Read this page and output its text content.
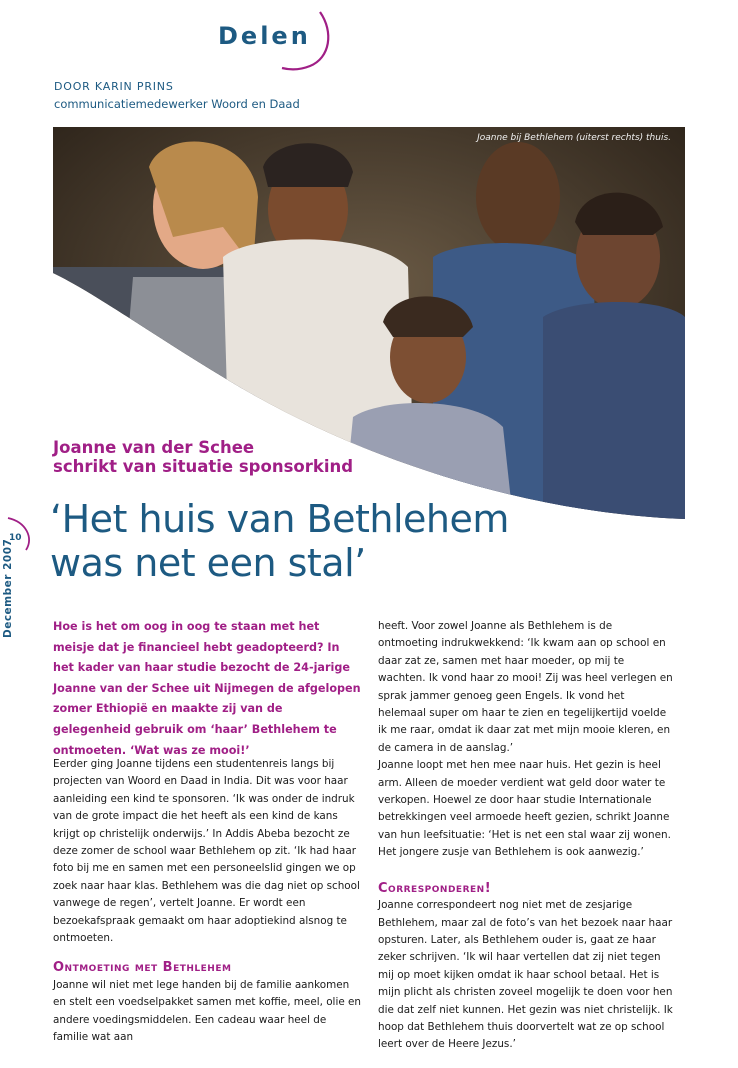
Delen
DOOR KARIN PRINS
communicatiemedewerker Woord en Daad
Joanne bij Bethlehem (uiterst rechts) thuis.
Joanne van der Schee
schrikt van situatie sponsorkind
‘Het huis van Bethlehem
was net een stal’
10
December 2007	Hoe is het om oog in oog te staan met het meisje dat je financieel hebt geadopteerd? In het kader van haar studie bezocht de 24-jarige Joanne van der Schee uit Nijmegen de afgelopen zomer Ethiopië en maakte zij van de gelegenheid gebruik om ‘haar’ Bethlehem te ontmoeten. ‘Wat was ze mooi!’

Eerder ging Joanne tijdens een studentenreis langs bij projecten van Woord en Daad in India. Dit was voor haar aanleiding een kind te sponsoren. ‘Ik was onder de indruk van de grote impact die het heeft als een kind de kans krijgt op christelijk onderwijs.’ In Addis Abeba bezocht ze deze zomer de school waar Bethlehem op zit. ‘Ik had haar foto bij me en samen met een personeelslid gingen we op zoek naar haar klas. Bethlehem was die dag niet op school vanwege de regen’, vertelt Joanne. Er wordt een bezoekafspraak gemaakt om haar adoptiekind alsnog te ontmoeten.

Ontmoeting met Bethlehem

Joanne wil niet met lege handen bij de familie aankomen en stelt een voedselpakket samen met koffie, meel, olie en andere voedingsmiddelen. Een cadeau waar heel de familie wat aan

heeft. Voor zowel Joanne als Bethlehem is de ontmoeting indrukwekkend: ‘Ik kwam aan op school en daar zat ze, samen met haar moeder, op mij te wachten. Ik vond haar zo mooi! Zij was heel verlegen en sprak jammer genoeg geen Engels. Ik vond het helemaal super om haar te zien en tegelijkertijd voelde ik me raar, omdat ik daar zat met mijn mooie kleren, en de camera in de aanslag.’

Joanne loopt met hen mee naar huis. Het gezin is heel arm. Alleen de moeder verdient wat geld door water te verkopen. Hoewel ze door haar studie Internationale betrekkingen veel armoede heeft gezien, schrikt Joanne van hun leefsituatie: ‘Het is net een stal waar zij wonen. Het jongere zusje van Bethlehem is ook aanwezig.’

Corresponderen!

Joanne correspondeert nog niet met de zesjarige Bethlehem, maar zal de foto’s van het bezoek naar haar opsturen. Later, als Bethlehem ouder is, gaat ze haar zeker schrijven. ‘Ik wil haar vertellen dat zij niet tegen mij op moet kijken omdat ik haar school betaal. Het is mijn plicht als christen zoveel mogelijk te doen voor hen die dat zelf niet kunnen. Het gezin was niet christelijk. Ik hoop dat Bethlehem thuis doorvertelt wat ze op school leert over de Heere Jezus.’
